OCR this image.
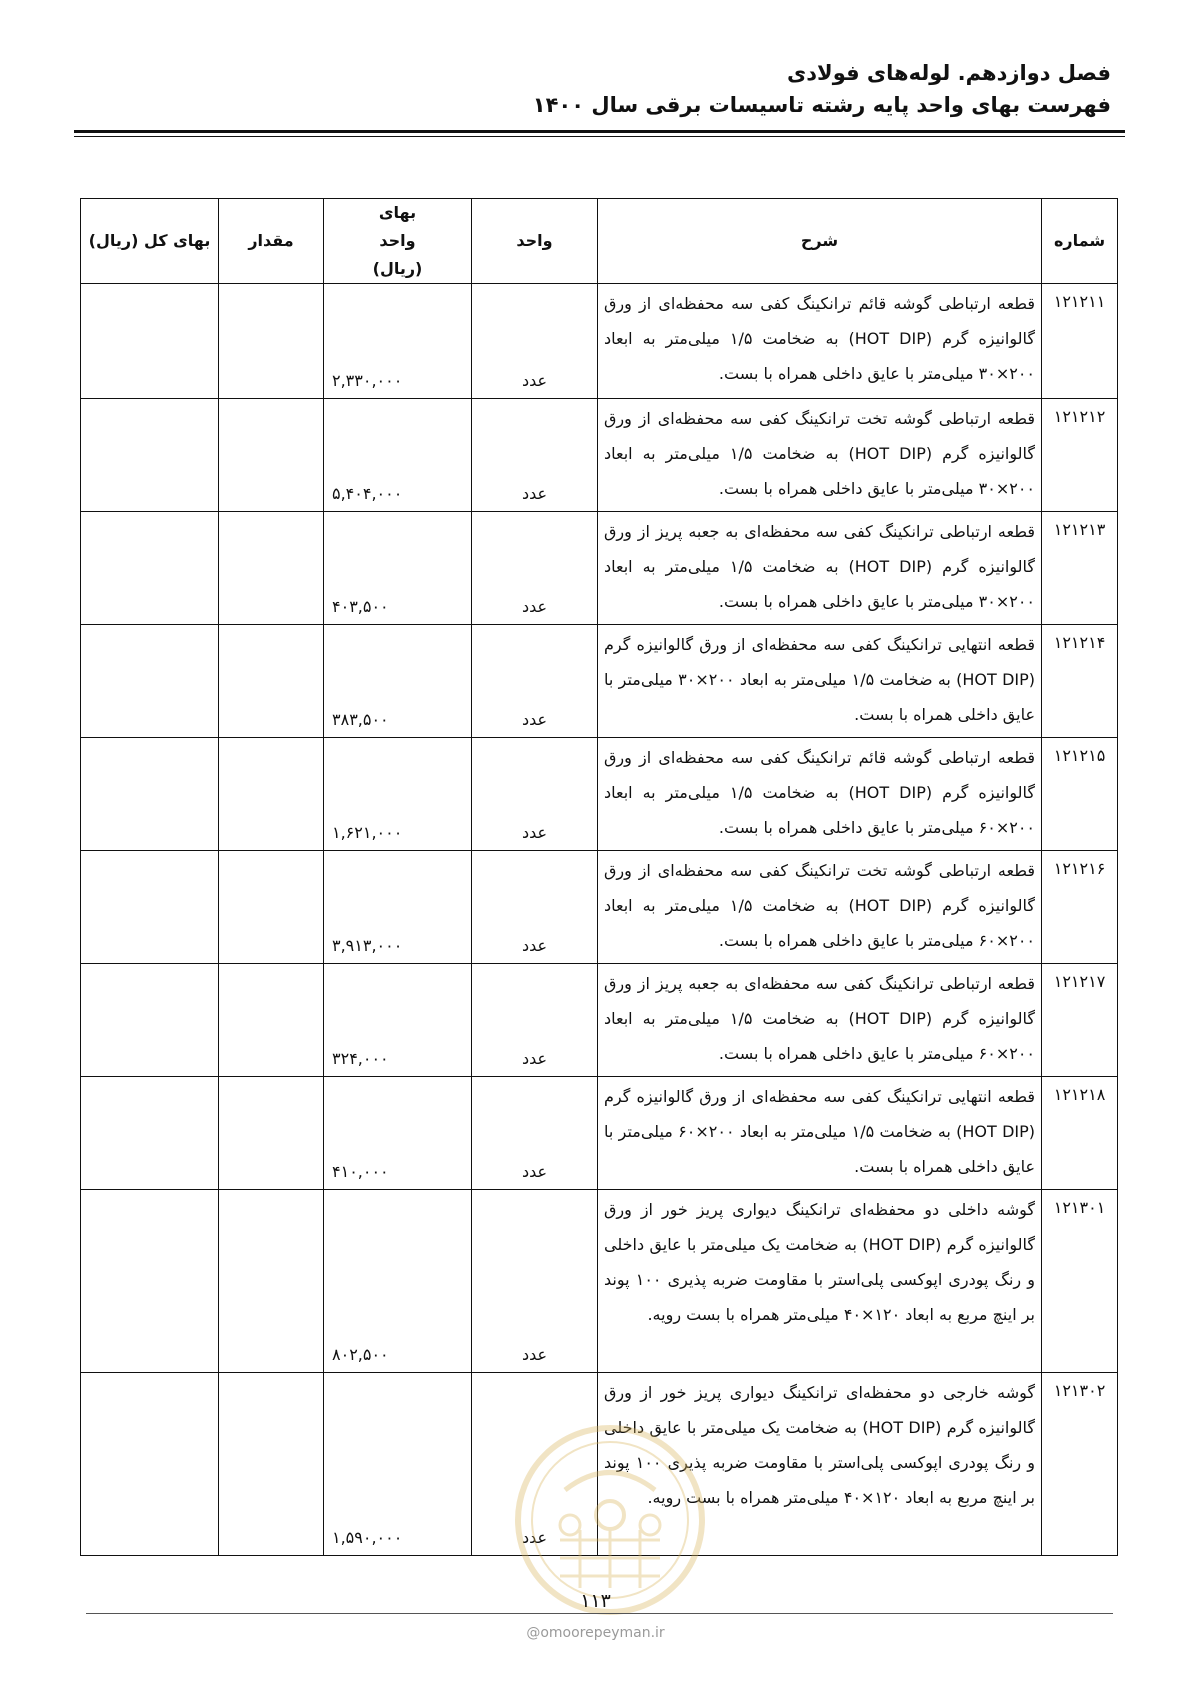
فصل دوازدهم. لوله‌های فولادی
فهرست بهای واحد پایه رشته تاسیسات برقی سال ۱۴۰۰
شماره	شرح	واحد	بهای واحد (ریال)	مقدار	بهای کل (ریال)
۱۲۱۲۱۱	قطعه ارتباطی گوشه قائم ترانکینگ کفی سه محفظه‌ای از ورق گالوانیزه گرم (HOT DIP) به ضخامت ۱/۵ میلی‌متر به ابعاد ۲۰۰×۳۰ میلی‌متر با عایق داخلی همراه با بست.	عدد	۲,۳۳۰,۰۰۰		
۱۲۱۲۱۲	قطعه ارتباطی گوشه تخت ترانکینگ کفی سه محفظه‌ای از ورق گالوانیزه گرم (HOT DIP) به ضخامت ۱/۵ میلی‌متر به ابعاد ۲۰۰×۳۰ میلی‌متر با عایق داخلی همراه با بست.	عدد	۵,۴۰۴,۰۰۰		
۱۲۱۲۱۳	قطعه ارتباطی ترانکینگ کفی سه محفظه‌ای به جعبه پریز از ورق گالوانیزه گرم (HOT DIP) به ضخامت ۱/۵ میلی‌متر به ابعاد ۲۰۰×۳۰ میلی‌متر با عایق داخلی همراه با بست.	عدد	۴۰۳,۵۰۰		
۱۲۱۲۱۴	قطعه انتهایی ترانکینگ کفی سه محفظه‌ای از ورق گالوانیزه گرم (HOT DIP) به ضخامت ۱/۵ میلی‌متر به ابعاد ۲۰۰×۳۰ میلی‌متر با عایق داخلی همراه با بست.	عدد	۳۸۳,۵۰۰		
۱۲۱۲۱۵	قطعه ارتباطی گوشه قائم ترانکینگ کفی سه محفظه‌ای از ورق گالوانیزه گرم (HOT DIP) به ضخامت ۱/۵ میلی‌متر به ابعاد ۲۰۰×۶۰ میلی‌متر با عایق داخلی همراه با بست.	عدد	۱,۶۲۱,۰۰۰		
۱۲۱۲۱۶	قطعه ارتباطی گوشه تخت ترانکینگ کفی سه محفظه‌ای از ورق گالوانیزه گرم (HOT DIP) به ضخامت ۱/۵ میلی‌متر به ابعاد ۲۰۰×۶۰ میلی‌متر با عایق داخلی همراه با بست.	عدد	۳,۹۱۳,۰۰۰		
۱۲۱۲۱۷	قطعه ارتباطی ترانکینگ کفی سه محفظه‌ای به جعبه پریز از ورق گالوانیزه گرم (HOT DIP) به ضخامت ۱/۵ میلی‌متر به ابعاد ۲۰۰×۶۰ میلی‌متر با عایق داخلی همراه با بست.	عدد	۳۲۴,۰۰۰		
۱۲۱۲۱۸	قطعه انتهایی ترانکینگ کفی سه محفظه‌ای از ورق گالوانیزه گرم (HOT DIP) به ضخامت ۱/۵ میلی‌متر به ابعاد ۲۰۰×۶۰ میلی‌متر با عایق داخلی همراه با بست.	عدد	۴۱۰,۰۰۰		
۱۲۱۳۰۱	گوشه داخلی دو محفظه‌ای ترانکینگ دیواری پریز خور از ورق گالوانیزه گرم (HOT DIP) به ضخامت یک میلی‌متر با عایق داخلی و رنگ پودری اپوکسی پلی‌استر با مقاومت ضربه پذیری ۱۰۰ پوند بر اینچ مربع به ابعاد ۱۲۰×۴۰ میلی‌متر همراه با بست رویه.	عدد	۸۰۲,۵۰۰		
۱۲۱۳۰۲	گوشه خارجی دو محفظه‌ای ترانکینگ دیواری پریز خور از ورق گالوانیزه گرم (HOT DIP) به ضخامت یک میلی‌متر با عایق داخلی و رنگ پودری اپوکسی پلی‌استر با مقاومت ضربه پذیری ۱۰۰ پوند بر اینچ مربع به ابعاد ۱۲۰×۴۰ میلی‌متر همراه با بست رویه.	عدد	۱,۵۹۰,۰۰۰		
۱۱۳
@omoorepeyman.ir
